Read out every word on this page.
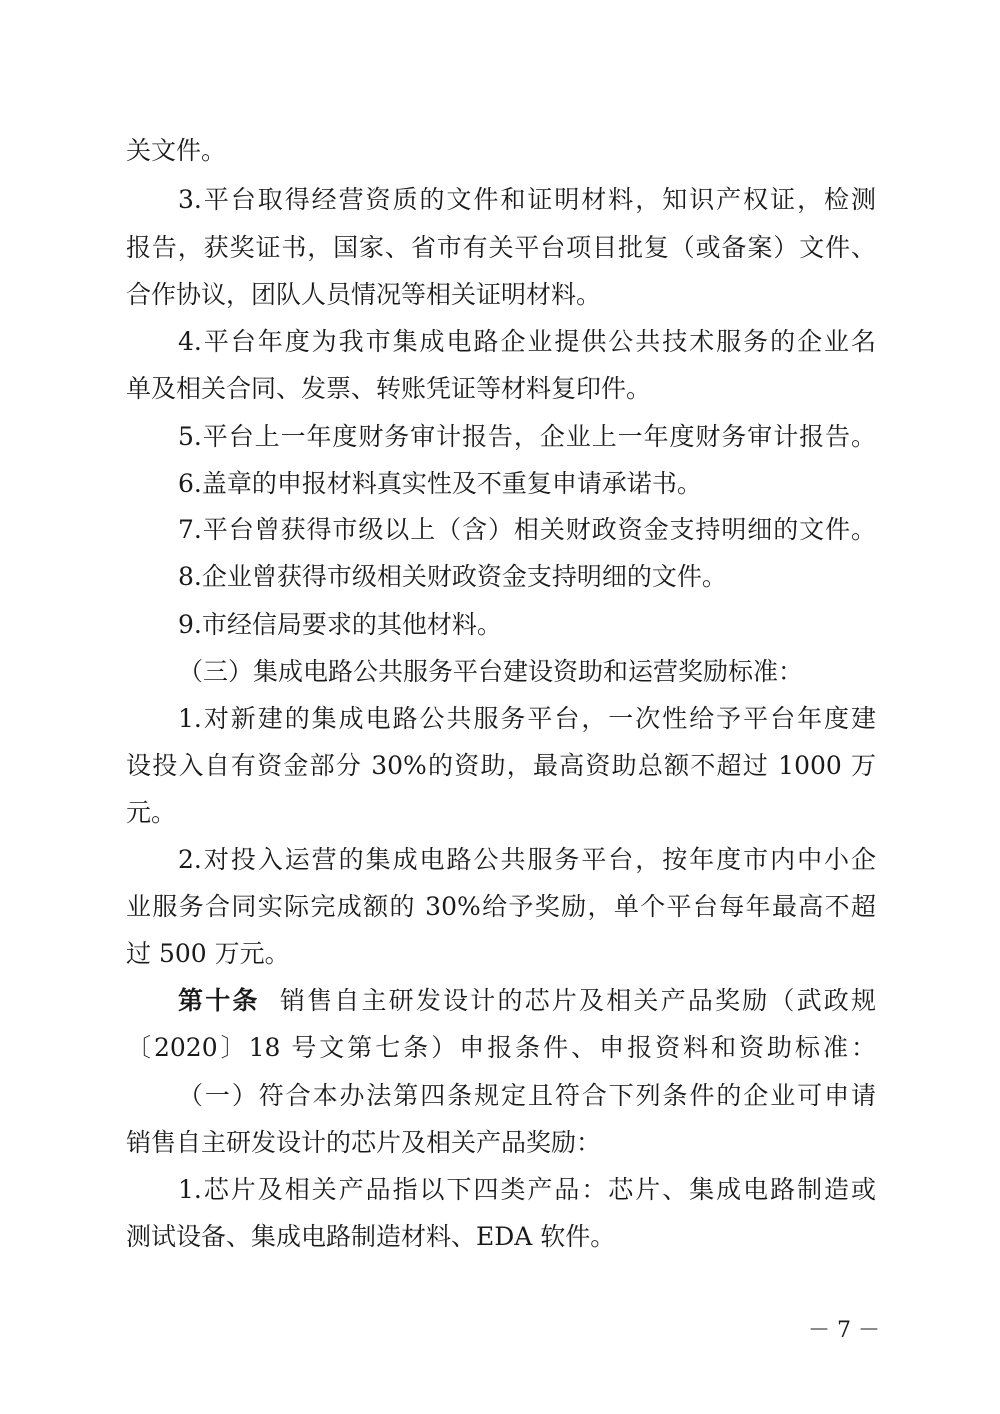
关文件。
3.平台取得经营资质的文件和证明材料，知识产权证，检测
报告，获奖证书，国家、省市有关平台项目批复（或备案）文件、
合作协议，团队人员情况等相关证明材料。
4.平台年度为我市集成电路企业提供公共技术服务的企业名
单及相关合同、发票、转账凭证等材料复印件。
5.平台上一年度财务审计报告，企业上一年度财务审计报告。
6.盖章的申报材料真实性及不重复申请承诺书。
7.平台曾获得市级以上（含）相关财政资金支持明细的文件。
8.企业曾获得市级相关财政资金支持明细的文件。
9.市经信局要求的其他材料。
（三）集成电路公共服务平台建设资助和运营奖励标准：
1.对新建的集成电路公共服务平台，一次性给予平台年度建
设投入自有资金部分 30%的资助，最高资助总额不超过 1000 万
元。
2.对投入运营的集成电路公共服务平台，按年度市内中小企
业服务合同实际完成额的 30%给予奖励，单个平台每年最高不超
过 500 万元。
第十条 销售自主研发设计的芯片及相关产品奖励（武政规
〔2020〕18 号文第七条）申报条件、申报资料和资助标准：
（一）符合本办法第四条规定且符合下列条件的企业可申请
销售自主研发设计的芯片及相关产品奖励：
1.芯片及相关产品指以下四类产品：芯片、集成电路制造或
测试设备、集成电路制造材料、EDA 软件。
－ 7 －
